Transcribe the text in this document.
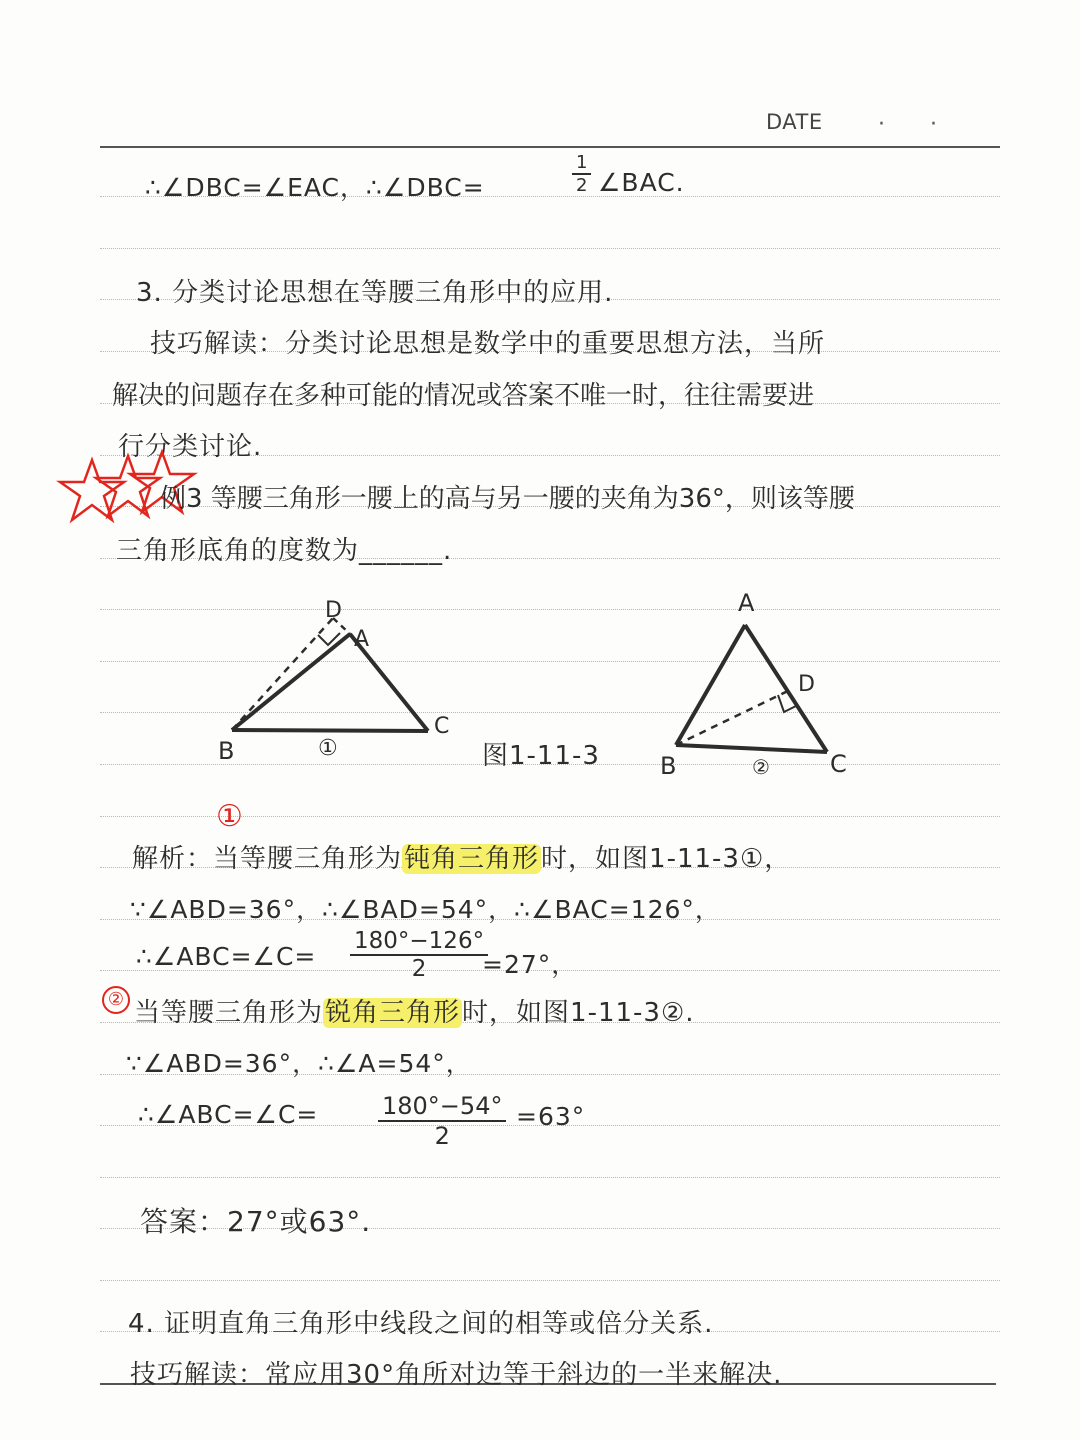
DATE	· ·
∴∠DBC=∠EAC，∴∠DBC=	$\frac{1}{2}$ ∠BAC.
3. 分类讨论思想在等腰三角形中的应用.
技巧解读：分类讨论思想是数学中的重要思想方法，当所
解决的问题存在多种可能的情况或答案不唯一时，往往需要进
行分类讨论.
例3 等腰三角形一腰上的高与另一腰的夹角为36°，则该等腰
三角形底角的度数为______.
D
A
B
C
①	图1-11-3
A
D
B	C
②
①
解析：当等腰三角形为钝角三角形时，如图1-11-3①，
∵∠ABD=36°，∴∠BAD=54°，∴∠BAC=126°，
∴∠ABC=∠C= $\frac{180^\circ-126^\circ}{2}$
=27°，
② 当等腰三角形为锐角三角形时，如图1-11-3②.
∵∠ABD=36°，∴∠A=54°，
∴∠ABC=∠C= $\frac{180^\circ-54^\circ}{2} =63^\circ$
答案：27°或63°.
4. 证明直角三角形中线段之间的相等或倍分关系.
技巧解读：常应用30°角所对边等于斜边的一半来解决.
